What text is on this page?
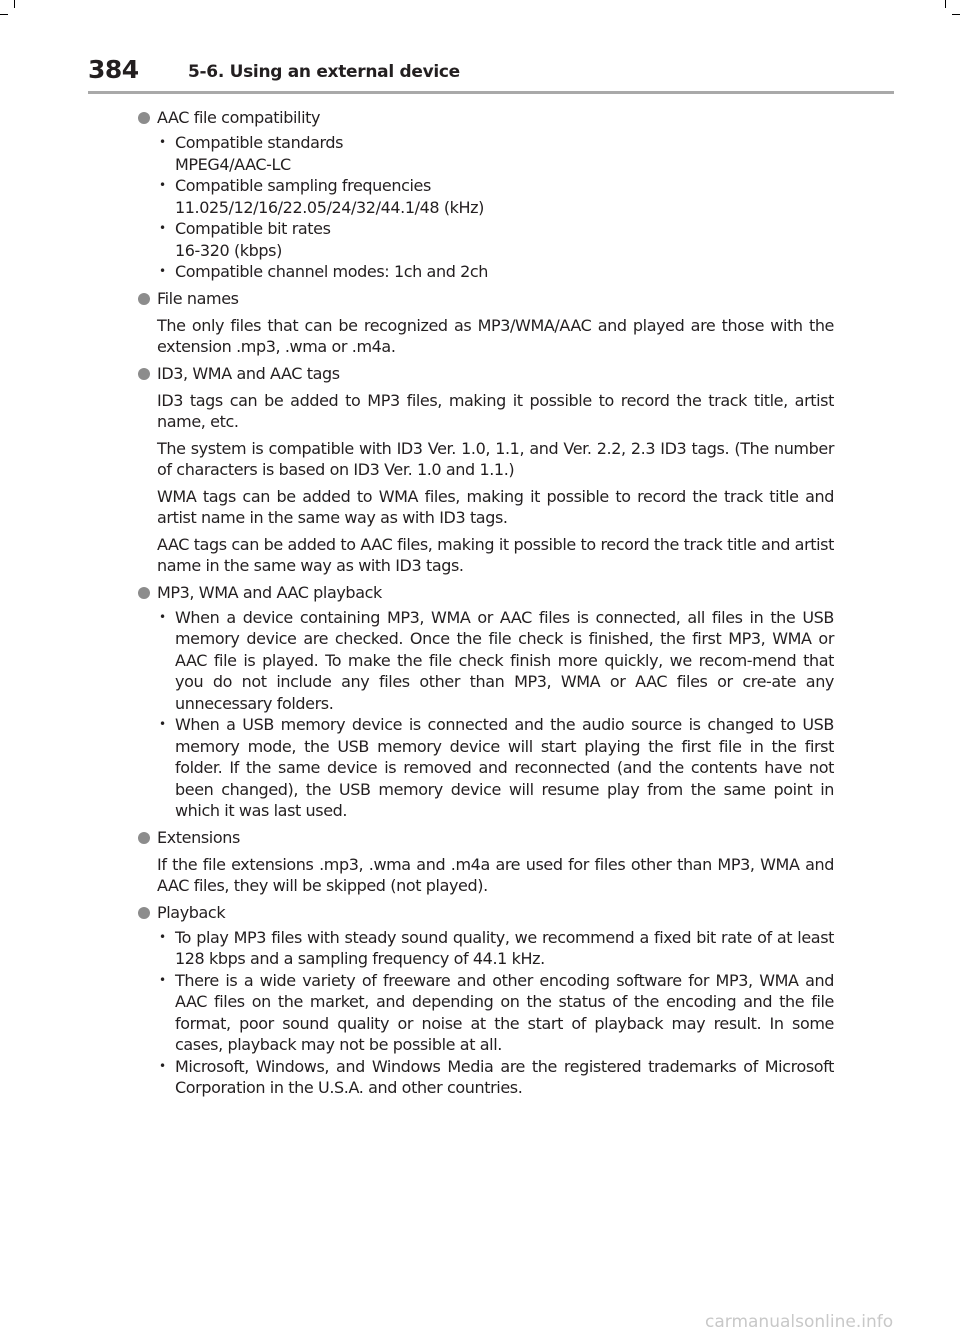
384	5-6. Using an external device
AAC file compatibility
• Compatible standards
MPEG4/AAC-LC
• Compatible sampling frequencies
11.025/12/16/22.05/24/32/44.1/48 (kHz)
• Compatible bit rates
16-320 (kbps)
• Compatible channel modes: 1ch and 2ch
File names
The only files that can be recognized as MP3/WMA/AAC and played are those with the extension .mp3, .wma or .m4a.
ID3, WMA and AAC tags
ID3 tags can be added to MP3 files, making it possible to record the track title, artist name, etc.
The system is compatible with ID3 Ver. 1.0, 1.1, and Ver. 2.2, 2.3 ID3 tags. (The number of characters is based on ID3 Ver. 1.0 and 1.1.)
WMA tags can be added to WMA files, making it possible to record the track title and artist name in the same way as with ID3 tags.
AAC tags can be added to AAC files, making it possible to record the track title and artist name in the same way as with ID3 tags.
MP3, WMA and AAC playback
• When a device containing MP3, WMA or AAC files is connected, all files in the USB memory device are checked. Once the file check is finished, the first MP3, WMA or AAC file is played. To make the file check finish more quickly, we recom-mend that you do not include any files other than MP3, WMA or AAC files or cre-ate any unnecessary folders.
• When a USB memory device is connected and the audio source is changed to USB memory mode, the USB memory device will start playing the first file in the first folder. If the same device is removed and reconnected (and the contents have not been changed), the USB memory device will resume play from the same point in which it was last used.
Extensions
If the file extensions .mp3, .wma and .m4a are used for files other than MP3, WMA and AAC files, they will be skipped (not played).
Playback
• To play MP3 files with steady sound quality, we recommend a fixed bit rate of at least 128 kbps and a sampling frequency of 44.1 kHz.
• There is a wide variety of freeware and other encoding software for MP3, WMA and AAC files on the market, and depending on the status of the encoding and the file format, poor sound quality or noise at the start of playback may result. In some cases, playback may not be possible at all.
• Microsoft, Windows, and Windows Media are the registered trademarks of Microsoft Corporation in the U.S.A. and other countries.
carmanualsonline.info
